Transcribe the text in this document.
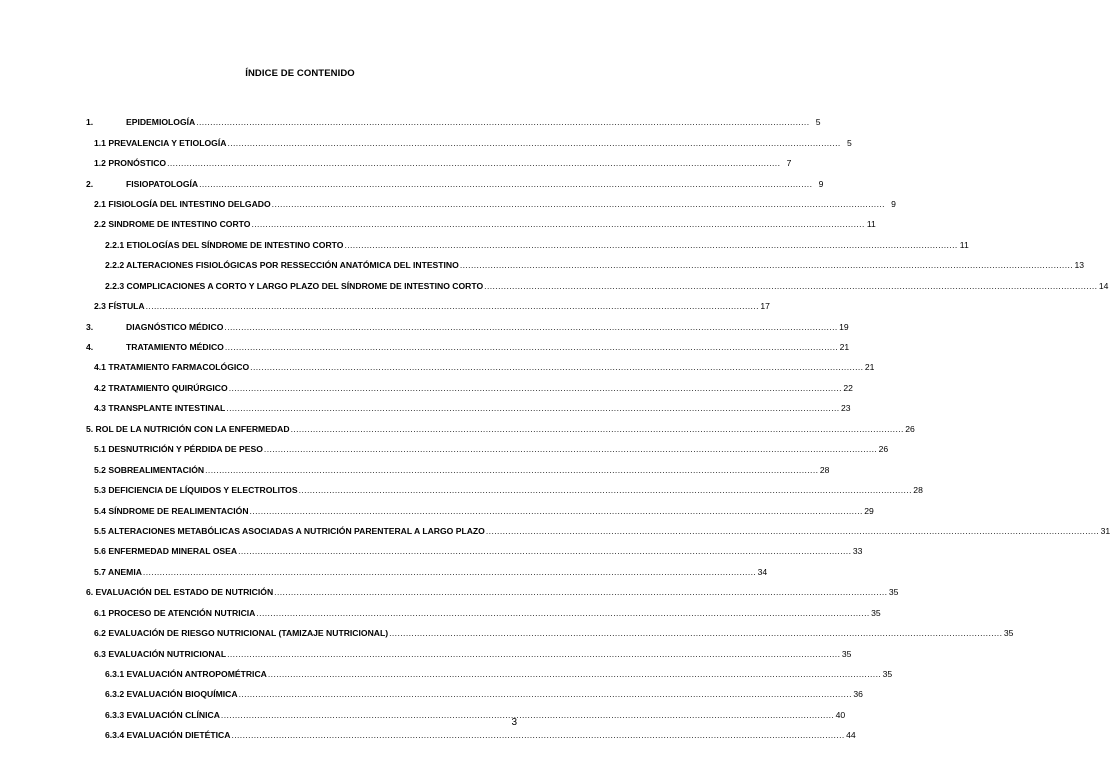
ÍNDICE DE CONTENIDO
1.	EPIDEMIOLOGÍA ............................................................................................................................................................................................................................ 5
1.1 PREVALENCIA Y ETIOLOGÍA ............................................................................................................................................................................................................................ 5
1.2 PRONÓSTICO ............................................................................................................................................................................................................................ 7
2.	FISIOPATOLOGÍA ............................................................................................................................................................................................................................ 9
2.1 FISIOLOGÍA DEL INTESTINO DELGADO ............................................................................................................................................................................................................................ 9
2.2 SINDROME DE INTESTINO CORTO ............................................................................................................................................................................................................................ 11
2.2.1 ETIOLOGÍAS DEL SÍNDROME DE INTESTINO CORTO ............................................................................................................................................................................................................................ 11
2.2.2 ALTERACIONES FISIOLÓGICAS POR RESSECCIÓN ANATÓMICA DEL INTESTINO ............................................................................................................................................................................................................................ 13
2.2.3 COMPLICACIONES A CORTO Y LARGO PLAZO DEL SÍNDROME DE INTESTINO CORTO ............................................................................................................................................................................................................................ 14
2.3 FÍSTULA ............................................................................................................................................................................................................................ 17
3.	DIAGNÓSTICO MÉDICO ............................................................................................................................................................................................................................ 19
4.	TRATAMIENTO MÉDICO ............................................................................................................................................................................................................................ 21
4.1 TRATAMIENTO FARMACOLÓGICO ............................................................................................................................................................................................................................ 21
4.2 TRATAMIENTO QUIRÚRGICO ............................................................................................................................................................................................................................ 22
4.3 TRANSPLANTE INTESTINAL ............................................................................................................................................................................................................................ 23
5. ROL DE LA NUTRICIÓN CON LA ENFERMEDAD ............................................................................................................................................................................................................................ 26
5.1 DESNUTRICIÓN Y PÉRDIDA DE PESO ............................................................................................................................................................................................................................ 26
5.2 SOBREALIMENTACIÓN ............................................................................................................................................................................................................................ 28
5.3 DEFICIENCIA DE LÍQUIDOS Y ELECTROLITOS ............................................................................................................................................................................................................................ 28
5.4 SÍNDROME DE REALIMENTACIÓN ............................................................................................................................................................................................................................ 29
5.5 ALTERACIONES METABÓLICAS ASOCIADAS A NUTRICIÓN PARENTERAL A LARGO PLAZO ............................................................................................................................................................................................................................ 31
5.6 ENFERMEDAD MINERAL OSEA ............................................................................................................................................................................................................................ 33
5.7 ANEMIA ............................................................................................................................................................................................................................ 34
6. EVALUACIÓN DEL ESTADO DE NUTRICIÓN ............................................................................................................................................................................................................................ 35
6.1 PROCESO DE ATENCIÓN NUTRICIA ............................................................................................................................................................................................................................ 35
6.2 EVALUACIÓN DE RIESGO NUTRICIONAL (TAMIZAJE NUTRICIONAL) ............................................................................................................................................................................................................................ 35
6.3 EVALUACIÓN NUTRICIONAL ............................................................................................................................................................................................................................ 35
6.3.1 EVALUACIÓN ANTROPOMÉTRICA ............................................................................................................................................................................................................................ 35
6.3.2 EVALUACIÓN BIOQUÍMICA ............................................................................................................................................................................................................................ 36
6.3.3 EVALUACIÓN CLÍNICA ............................................................................................................................................................................................................................ 40
6.3.4 EVALUACIÓN DIETÉTICA ............................................................................................................................................................................................................................ 44
3
